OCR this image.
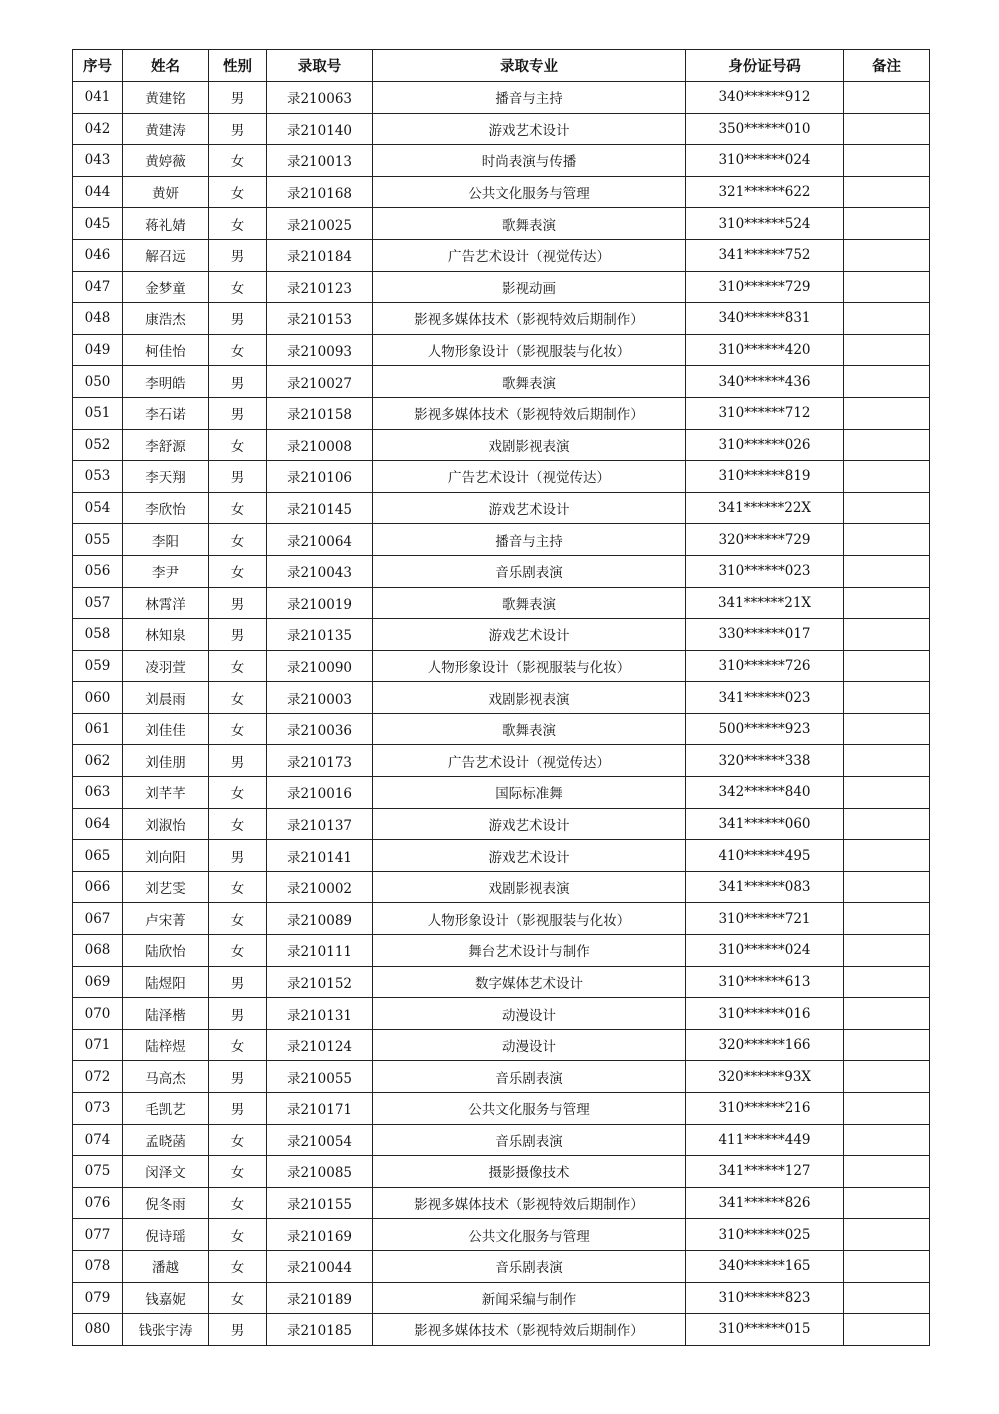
序号	姓名	性别	录取号	录取专业	身份证号码	备注
041	黄建铭	男	录210063	播音与主持	340******912	
042	黄建涛	男	录210140	游戏艺术设计	350******010	
043	黄婷薇	女	录210013	时尚表演与传播	310******024	
044	黄妍	女	录210168	公共文化服务与管理	321******622	
045	蒋礼婧	女	录210025	歌舞表演	310******524	
046	解召远	男	录210184	广告艺术设计（视觉传达）	341******752	
047	金梦童	女	录210123	影视动画	310******729	
048	康浩杰	男	录210153	影视多媒体技术（影视特效后期制作）	340******831	
049	柯佳怡	女	录210093	人物形象设计（影视服装与化妆）	310******420	
050	李明皓	男	录210027	歌舞表演	340******436	
051	李石诺	男	录210158	影视多媒体技术（影视特效后期制作）	310******712	
052	李舒源	女	录210008	戏剧影视表演	310******026	
053	李天翔	男	录210106	广告艺术设计（视觉传达）	310******819	
054	李欣怡	女	录210145	游戏艺术设计	341******22X	
055	李阳	女	录210064	播音与主持	320******729	
056	李尹	女	录210043	音乐剧表演	310******023	
057	林霄洋	男	录210019	歌舞表演	341******21X	
058	林知泉	男	录210135	游戏艺术设计	330******017	
059	凌羽萱	女	录210090	人物形象设计（影视服装与化妆）	310******726	
060	刘晨雨	女	录210003	戏剧影视表演	341******023	
061	刘佳佳	女	录210036	歌舞表演	500******923	
062	刘佳朋	男	录210173	广告艺术设计（视觉传达）	320******338	
063	刘芊芊	女	录210016	国际标准舞	342******840	
064	刘淑怡	女	录210137	游戏艺术设计	341******060	
065	刘向阳	男	录210141	游戏艺术设计	410******495	
066	刘艺雯	女	录210002	戏剧影视表演	341******083	
067	卢宋菁	女	录210089	人物形象设计（影视服装与化妆）	310******721	
068	陆欣怡	女	录210111	舞台艺术设计与制作	310******024	
069	陆煜阳	男	录210152	数字媒体艺术设计	310******613	
070	陆泽楷	男	录210131	动漫设计	310******016	
071	陆梓煜	女	录210124	动漫设计	320******166	
072	马高杰	男	录210055	音乐剧表演	320******93X	
073	毛凯艺	男	录210171	公共文化服务与管理	310******216	
074	孟晓菡	女	录210054	音乐剧表演	411******449	
075	闵泽文	女	录210085	摄影摄像技术	341******127	
076	倪冬雨	女	录210155	影视多媒体技术（影视特效后期制作）	341******826	
077	倪诗瑶	女	录210169	公共文化服务与管理	310******025	
078	潘越	女	录210044	音乐剧表演	340******165	
079	钱嘉妮	女	录210189	新闻采编与制作	310******823	
080	钱张宇涛	男	录210185	影视多媒体技术（影视特效后期制作）	310******015	
